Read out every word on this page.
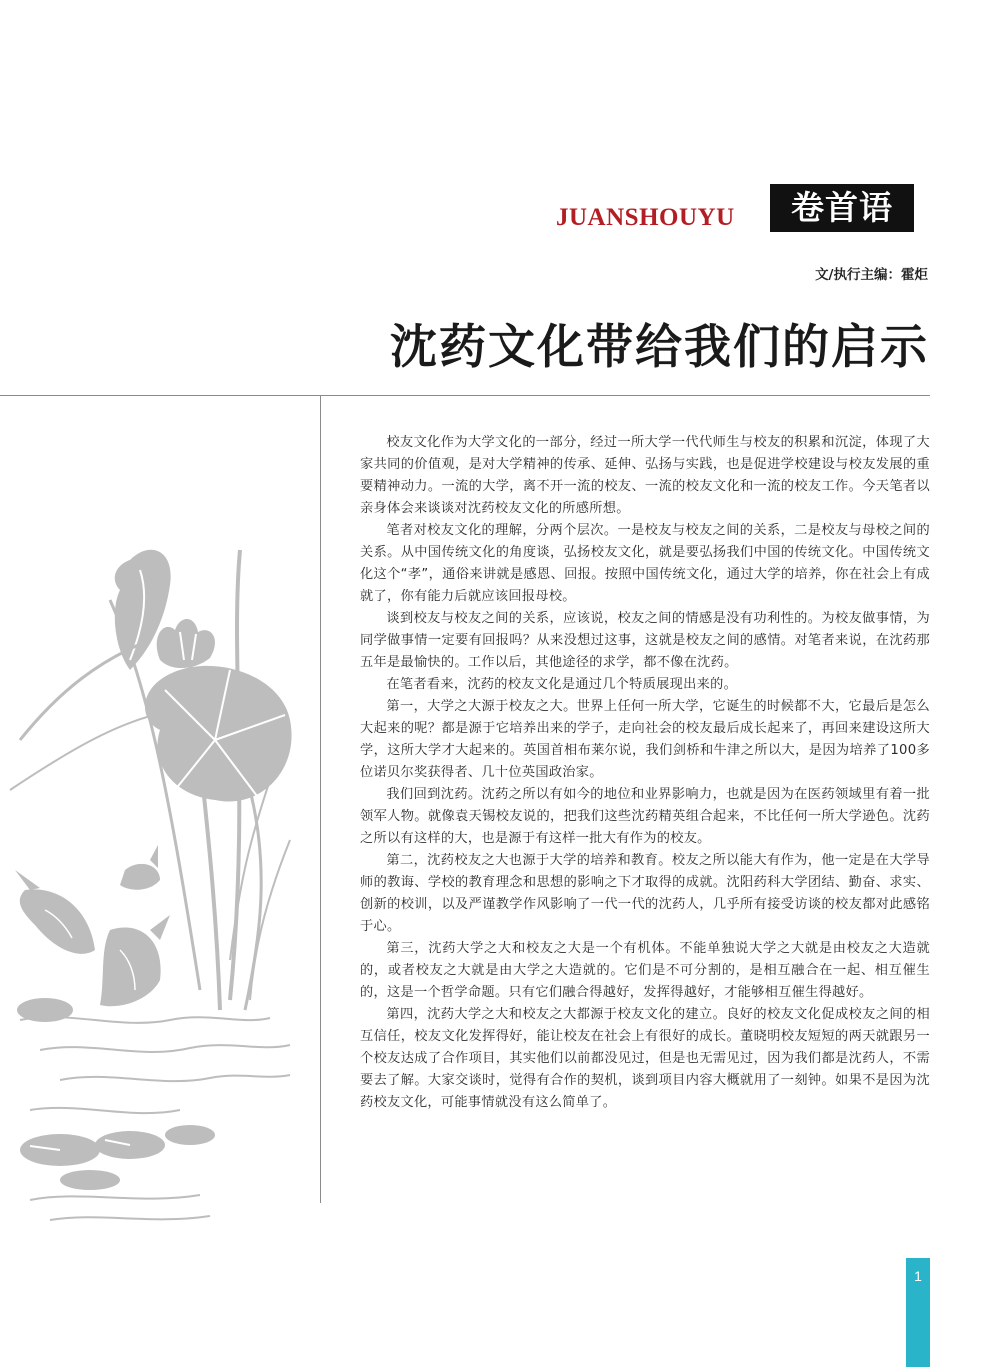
JUANSHOUYU	卷首语
文/执行主编：霍炬
沈药文化带给我们的启示

校友文化作为大学文化的一部分，经过一所大学一代代师生与校友的积累和沉淀，体现了大家共同的价值观，是对大学精神的传承、延伸、弘扬与实践，也是促进学校建设与校友发展的重要精神动力。一流的大学，离不开一流的校友、一流的校友文化和一流的校友工作。今天笔者以亲身体会来谈谈对沈药校友文化的所感所想。

笔者对校友文化的理解，分两个层次。一是校友与校友之间的关系，二是校友与母校之间的关系。从中国传统文化的角度谈，弘扬校友文化，就是要弘扬我们中国的传统文化。中国传统文化这个“孝”，通俗来讲就是感恩、回报。按照中国传统文化，通过大学的培养，你在社会上有成就了，你有能力后就应该回报母校。

谈到校友与校友之间的关系，应该说，校友之间的情感是没有功利性的。为校友做事情，为同学做事情一定要有回报吗？从来没想过这事，这就是校友之间的感情。对笔者来说，在沈药那五年是最愉快的。工作以后，其他途径的求学，都不像在沈药。

在笔者看来，沈药的校友文化是通过几个特质展现出来的。

第一，大学之大源于校友之大。世界上任何一所大学，它诞生的时候都不大，它最后是怎么大起来的呢？都是源于它培养出来的学子，走向社会的校友最后成长起来了，再回来建设这所大学，这所大学才大起来的。英国首相布莱尔说，我们剑桥和牛津之所以大，是因为培养了100多位诺贝尔奖获得者、几十位英国政治家。

我们回到沈药。沈药之所以有如今的地位和业界影响力，也就是因为在医药领域里有着一批领军人物。就像袁天锡校友说的，把我们这些沈药精英组合起来，不比任何一所大学逊色。沈药之所以有这样的大，也是源于有这样一批大有作为的校友。

第二，沈药校友之大也源于大学的培养和教育。校友之所以能大有作为，他一定是在大学导师的教诲、学校的教育理念和思想的影响之下才取得的成就。沈阳药科大学团结、勤奋、求实、创新的校训，以及严谨教学作风影响了一代一代的沈药人，几乎所有接受访谈的校友都对此感铭于心。

第三，沈药大学之大和校友之大是一个有机体。不能单独说大学之大就是由校友之大造就的，或者校友之大就是由大学之大造就的。它们是不可分割的，是相互融合在一起、相互催生的，这是一个哲学命题。只有它们融合得越好，发挥得越好，才能够相互催生得越好。

第四，沈药大学之大和校友之大都源于校友文化的建立。良好的校友文化促成校友之间的相互信任，校友文化发挥得好，能让校友在社会上有很好的成长。董晓明校友短短的两天就跟另一个校友达成了合作项目，其实他们以前都没见过，但是也无需见过，因为我们都是沈药人，不需要去了解。大家交谈时，觉得有合作的契机，谈到项目内容大概就用了一刻钟。如果不是因为沈药校友文化，可能事情就没有这么简单了。

1
